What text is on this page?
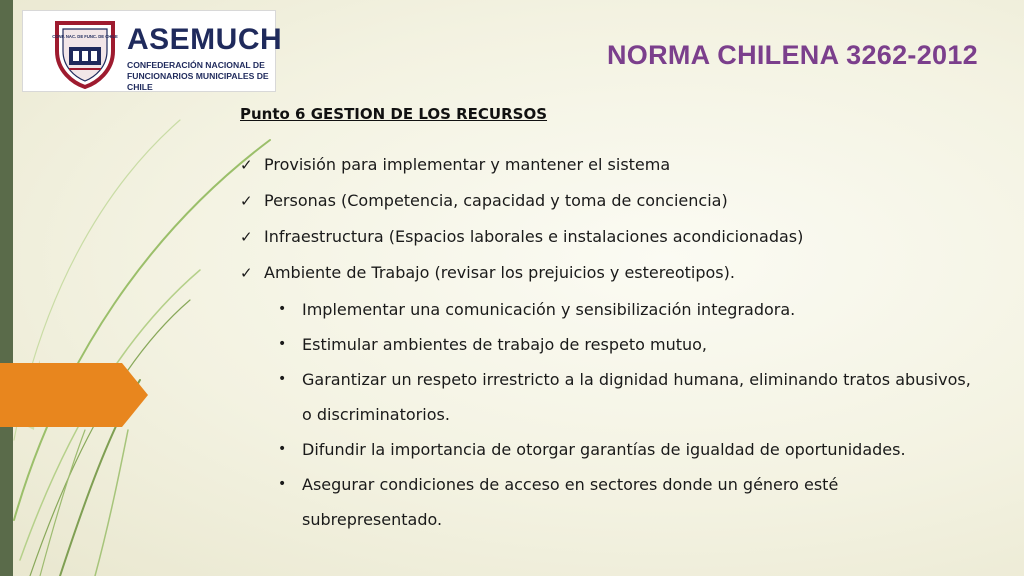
CONF. NAC. DE FUNC. DE CHILE ASEMUCH
CONFEDERACIÓN NACIONAL DE
FUNCIONARIOS MUNICIPALES DE CHILE
NORMA CHILENA 3262-2012
Punto 6 GESTION DE LOS RECURSOS
✓ Provisión para implementar y mantener el sistema
✓ Personas (Competencia, capacidad y toma de conciencia)
✓ Infraestructura (Espacios laborales e instalaciones acondicionadas)
✓ Ambiente de Trabajo (revisar los prejuicios y estereotipos).
• Implementar una comunicación y sensibilización integradora.
• Estimular ambientes de trabajo de respeto mutuo,
• Garantizar un respeto irrestricto a la dignidad humana, eliminando tratos abusivos, o discriminatorios.
• Difundir la importancia de otorgar garantías de igualdad de oportunidades.
• Asegurar condiciones de acceso en sectores donde un género esté subrepresentado.
